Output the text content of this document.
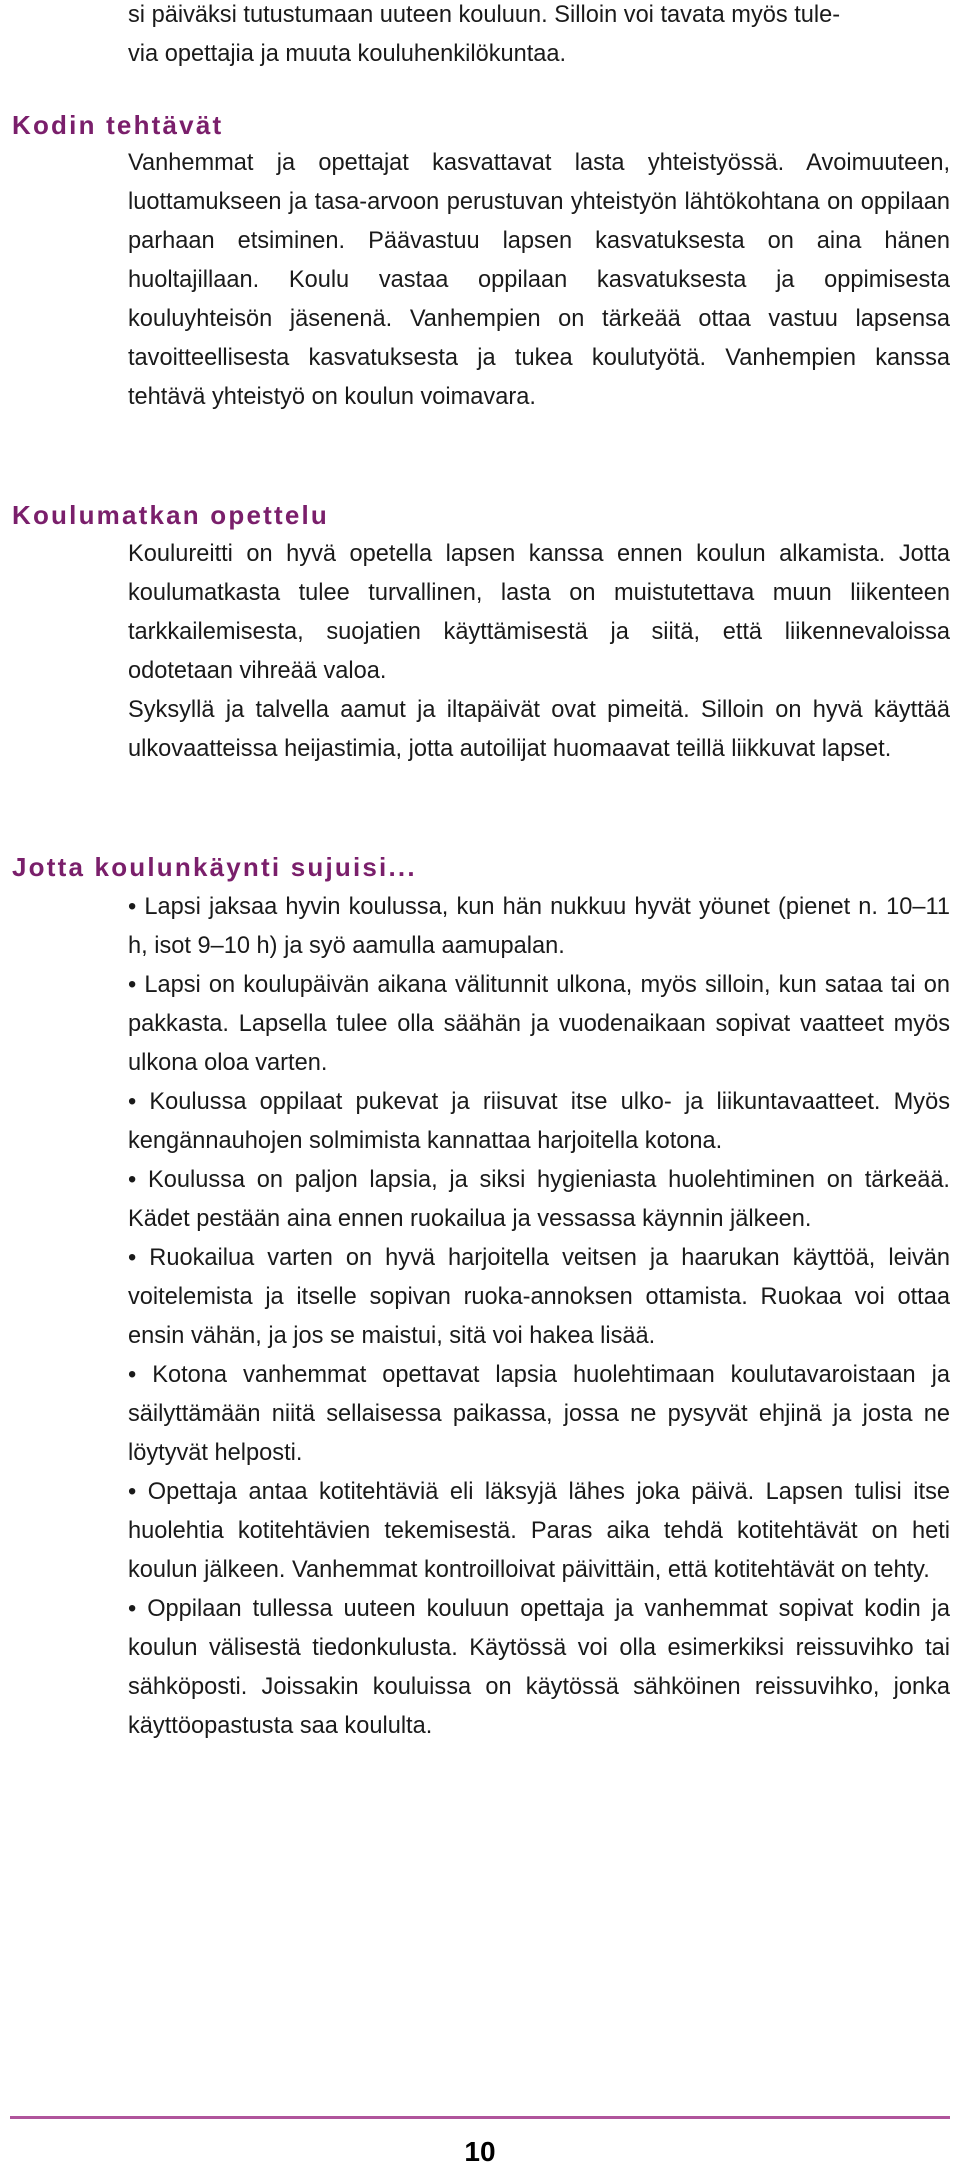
si päiväksi tutustumaan uuteen kouluun. Silloin voi tavata myös tule-

via opettajia ja muuta kouluhenkilökuntaa.

Kodin tehtävät

Vanhemmat ja opettajat kasvattavat lasta yhteistyössä. Avoimuuteen, luottamukseen ja tasa-arvoon perustuvan yhteistyön lähtökohtana on oppilaan parhaan etsiminen. Päävastuu lapsen kasvatuksesta on aina hänen huoltajillaan. Koulu vastaa oppilaan kasvatuksesta ja oppimisesta kouluyhteisön jäsenenä. Vanhempien on tärkeää ottaa vastuu lapsensa tavoitteellisesta kasvatuksesta ja tukea koulutyötä. Vanhempien kanssa tehtävä yhteistyö on koulun voimavara.

Koulumatkan opettelu

Koulureitti on hyvä opetella lapsen kanssa ennen koulun alkamista. Jotta koulumatkasta tulee turvallinen, lasta on muistutettava muun liikenteen tarkkailemisesta, suojatien käyttämisestä ja siitä, että liikennevaloissa odotetaan vihreää valoa.

Syksyllä ja talvella aamut ja iltapäivät ovat pimeitä. Silloin on hyvä käyttää ulkovaatteissa heijastimia, jotta autoilijat huomaavat teillä liikkuvat lapset.

Jotta koulunkäynti sujuisi...

• Lapsi jaksaa hyvin koulussa, kun hän nukkuu hyvät yöunet (pienet n. 10–11 h, isot 9–10 h) ja syö aamulla aamupalan.

• Lapsi on koulupäivän aikana välitunnit ulkona, myös silloin, kun sataa tai on pakkasta. Lapsella tulee olla säähän ja vuodenaikaan sopivat vaatteet myös ulkona oloa varten.

• Koulussa oppilaat pukevat ja riisuvat itse ulko- ja liikuntavaatteet. Myös kengännauhojen solmimista kannattaa harjoitella kotona.

• Koulussa on paljon lapsia, ja siksi hygieniasta huolehtiminen on tärkeää. Kädet pestään aina ennen ruokailua ja vessassa käynnin jälkeen.

• Ruokailua varten on hyvä harjoitella veitsen ja haarukan käyttöä, leivän voitelemista ja itselle sopivan ruoka-annoksen ottamista. Ruokaa voi ottaa ensin vähän, ja jos se maistui, sitä voi hakea lisää.

• Kotona vanhemmat opettavat lapsia huolehtimaan koulutavaroistaan ja säilyttämään niitä sellaisessa paikassa, jossa ne pysyvät ehjinä ja josta ne löytyvät helposti.

• Opettaja antaa kotitehtäviä eli läksyjä lähes joka päivä. Lapsen tulisi itse huolehtia kotitehtävien tekemisestä. Paras aika tehdä kotitehtävät on heti koulun jälkeen. Vanhemmat kontroilloivat päivittäin, että kotitehtävät on tehty.

• Oppilaan tullessa uuteen kouluun opettaja ja vanhemmat sopivat kodin ja koulun välisestä tiedonkulusta. Käytössä voi olla esimerkiksi reissuvihko tai sähköposti. Joissakin kouluissa on käytössä sähköinen reissuvihko, jonka käyttöopastusta saa koululta.

10
